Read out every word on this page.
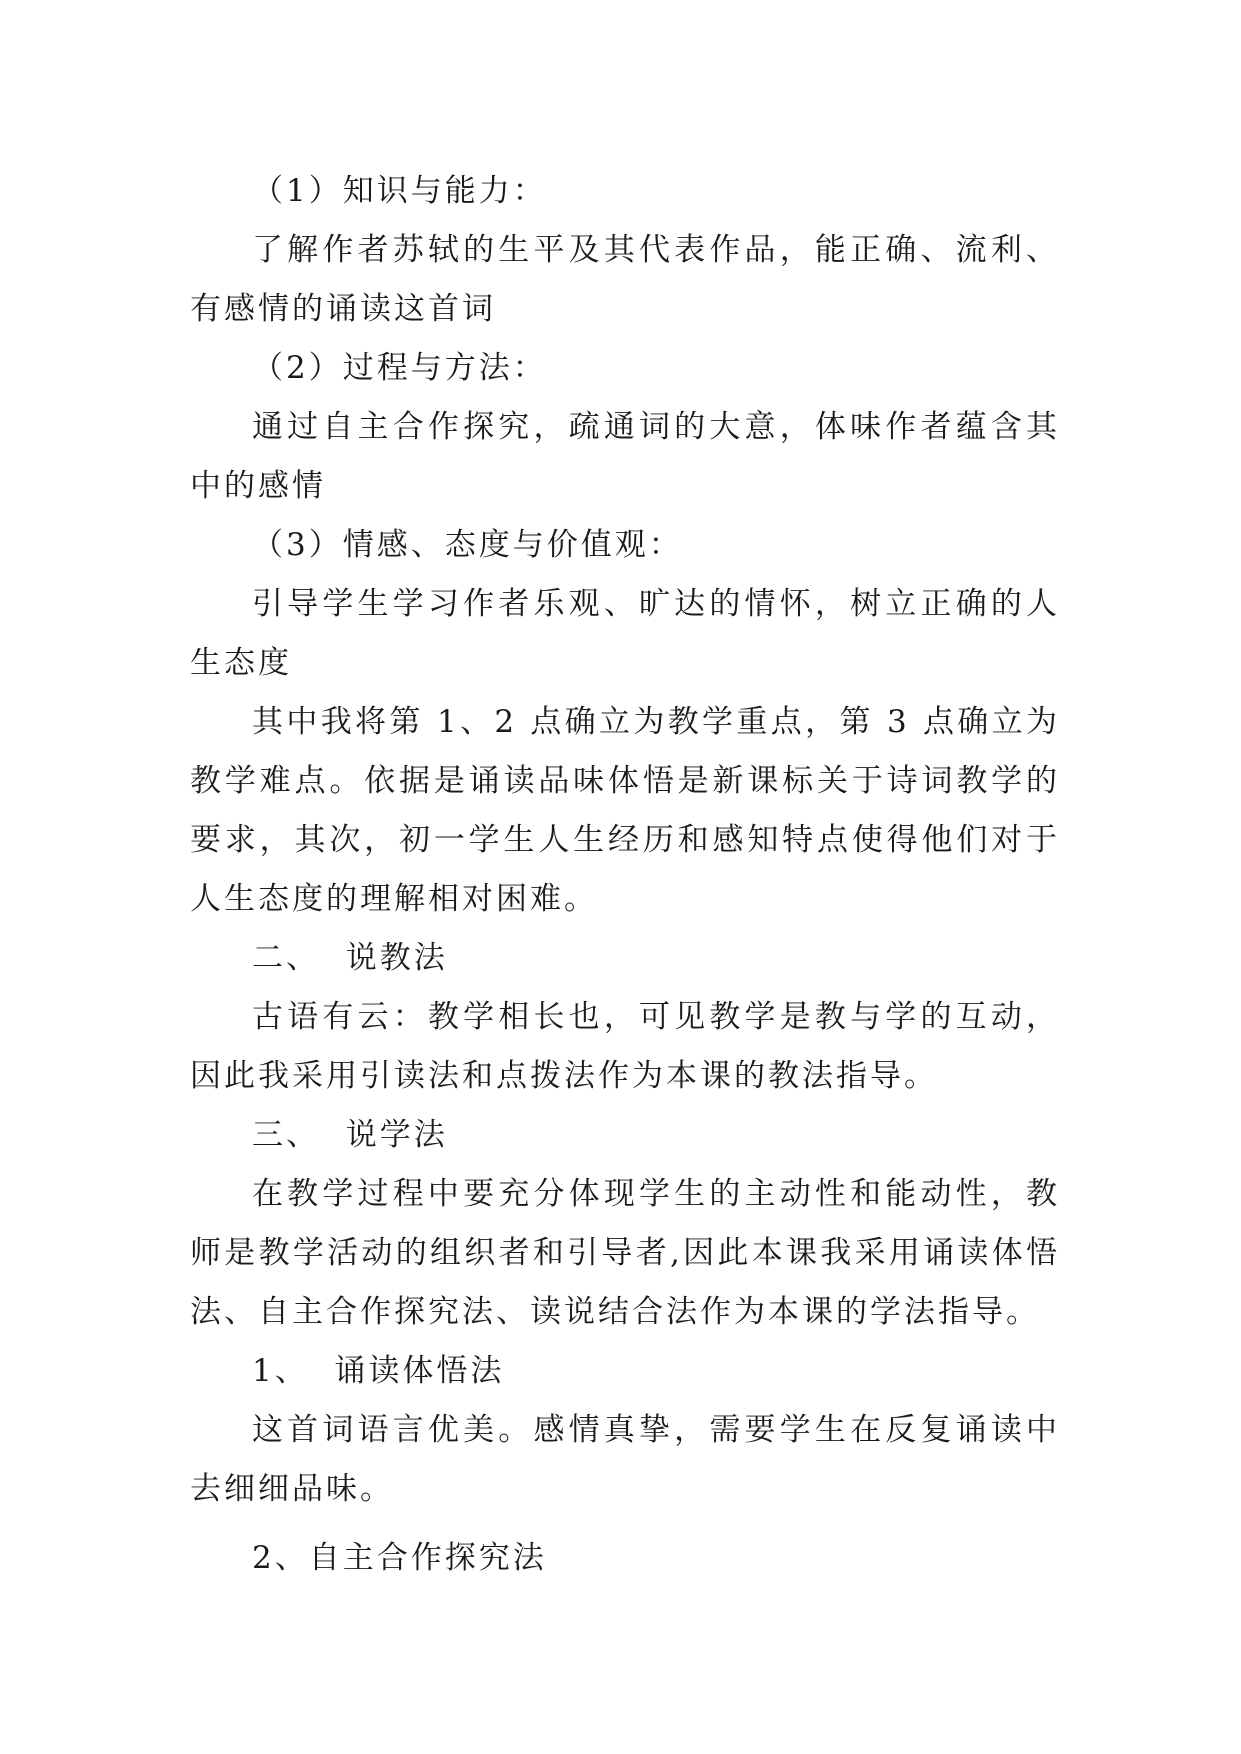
（1）知识与能力：

了解作者苏轼的生平及其代表作品，能正确、流利、有感情的诵读这首词

（2）过程与方法：

通过自主合作探究，疏通词的大意，体味作者蕴含其中的感情

（3）情感、态度与价值观：

引导学生学习作者乐观、旷达的情怀，树立正确的人生态度

其中我将第 1、2 点确立为教学重点，第 3 点确立为教学难点。依据是诵读品味体悟是新课标关于诗词教学的要求，其次，初一学生人生经历和感知特点使得他们对于人生态度的理解相对困难。

二、  说教法

古语有云：教学相长也，可见教学是教与学的互动，因此我采用引读法和点拨法作为本课的教法指导。

三、  说学法

在教学过程中要充分体现学生的主动性和能动性，教师是教学活动的组织者和引导者,因此本课我采用诵读体悟法、自主合作探究法、读说结合法作为本课的学法指导。

1、  诵读体悟法

这首词语言优美。感情真挚，需要学生在反复诵读中去细细品味。

2、自主合作探究法
